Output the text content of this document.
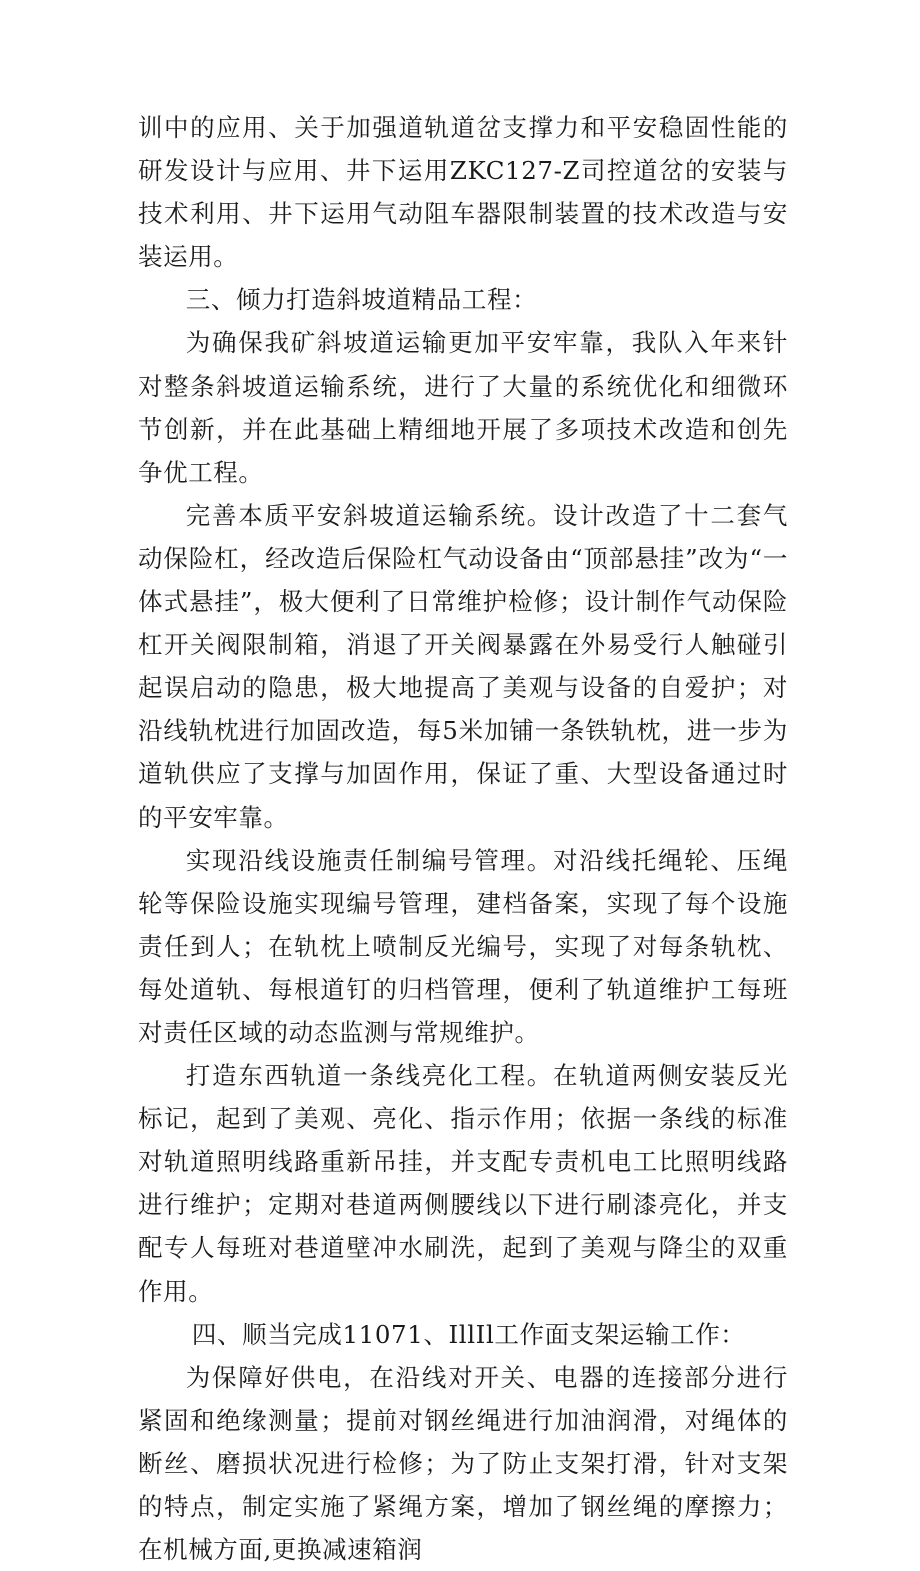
训中的应用、关于加强道轨道岔支撑力和平安稳固性能的研发设计与应用、井下运用ZKC127-Z司控道岔的安装与技术利用、井下运用气动阻车器限制装置的技术改造与安装运用。

三、倾力打造斜坡道精品工程：

为确保我矿斜坡道运输更加平安牢靠，我队入年来针对整条斜坡道运输系统，进行了大量的系统优化和细微环节创新，并在此基础上精细地开展了多项技术改造和创先争优工程。

完善本质平安斜坡道运输系统。设计改造了十二套气动保险杠，经改造后保险杠气动设备由“顶部悬挂”改为“一体式悬挂”，极大便利了日常维护检修；设计制作气动保险杠开关阀限制箱，消退了开关阀暴露在外易受行人触碰引起误启动的隐患，极大地提高了美观与设备的自爱护；对沿线轨枕进行加固改造，每5米加铺一条铁轨枕，进一步为道轨供应了支撑与加固作用，保证了重、大型设备通过时的平安牢靠。

实现沿线设施责任制编号管理。对沿线托绳轮、压绳轮等保险设施实现编号管理，建档备案，实现了每个设施责任到人；在轨枕上喷制反光编号，实现了对每条轨枕、每处道轨、每根道钉的归档管理，便利了轨道维护工每班对责任区域的动态监测与常规维护。

打造东西轨道一条线亮化工程。在轨道两侧安装反光标记，起到了美观、亮化、指示作用；依据一条线的标准对轨道照明线路重新吊挂，并支配专责机电工比照明线路进行维护；定期对巷道两侧腰线以下进行刷漆亮化，并支配专人每班对巷道壁冲水刷洗，起到了美观与降尘的双重作用。

四、顺当完成11071、IllIl工作面支架运输工作：

为保障好供电，在沿线对开关、电器的连接部分进行紧固和绝缘测量；提前对钢丝绳进行加油润滑，对绳体的断丝、磨损状况进行检修；为了防止支架打滑，针对支架的特点，制定实施了紧绳方案，增加了钢丝绳的摩擦力；在机械方面,更换减速箱润
